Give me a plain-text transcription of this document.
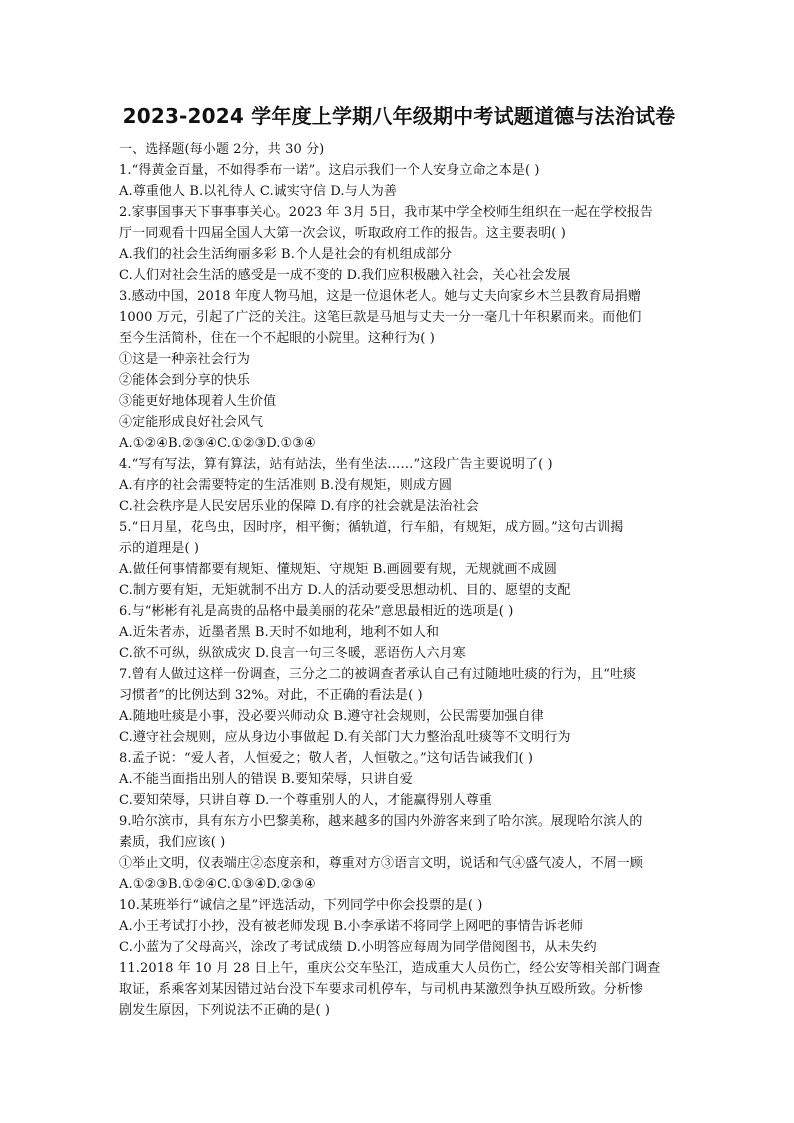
2023-2024 学年度上学期八年级期中考试题道德与法治试卷
一、选择题(每小题 2分，共 30 分)
1.“得黄金百量，不如得季布一诺”。这启示我们一个人安身立命之本是( )
A.尊重他人 B.以礼待人 C.诚实守信 D.与人为善
2.家事国事天下事事事关心。2023 年 3月 5日，我市某中学全校师生组织在一起在学校报告
厅一同观看十四届全国人大第一次会议，听取政府工作的报告。这主要表明( )
A.我们的社会生活绚丽多彩 B.个人是社会的有机组成部分
C.人们对社会生活的感受是一成不变的 D.我们应积极融入社会，关心社会发展
3.感动中国，2018 年度人物马旭，这是一位退休老人。她与丈夫向家乡木兰县教育局捐赠
1000 万元，引起了广泛的关注。这笔巨款是马旭与丈夫一分一毫几十年积累而来。而他们
至今生活简朴，住在一个不起眼的小院里。这种行为( )
①这是一种亲社会行为
②能体会到分享的快乐
③能更好地体现着人生价值
④定能形成良好社会风气
A.①②④B.②③④C.①②③D.①③④
4.“写有写法，算有算法，站有站法，坐有坐法……”这段广告主要说明了( )
A.有序的社会需要特定的生活准则 B.没有规矩，则成方圆
C.社会秩序是人民安居乐业的保障 D.有序的社会就是法治社会
5.“日月星，花鸟虫，因时序，相平衡；循轨道，行车船，有规矩，成方圆。”这句古训揭
示的道理是( )
A.做任何事情都要有规矩、懂规矩、守规矩 B.画圆要有规，无规就画不成圆
C.制方要有矩，无矩就制不出方 D.人的活动要受思想动机、目的、愿望的支配
6.与“彬彬有礼是高贵的品格中最美丽的花朵”意思最相近的选项是( )
A.近朱者赤，近墨者黑 B.天时不如地利，地利不如人和
C.欲不可纵，纵欲成灾 D.良言一句三冬暖，恶语伤人六月寒
7.曾有人做过这样一份调查，三分之二的被调查者承认自己有过随地吐痰的行为，且“吐痰
习惯者”的比例达到 32%。对此，不正确的看法是( )
A.随地吐痰是小事，没必要兴师动众 B.遵守社会规则，公民需要加强自律
C.遵守社会规则，应从身边小事做起 D.有关部门大力整治乱吐痰等不文明行为
8.孟子说：“爱人者，人恒爱之；敬人者，人恒敬之。”这句话告诫我们( )
A.不能当面指出别人的错误 B.要知荣辱，只讲自爱
C.要知荣辱，只讲自尊 D.一个尊重别人的人，才能赢得别人尊重
9.哈尔滨市，具有东方小巴黎美称，越来越多的国内外游客来到了哈尔滨。展现哈尔滨人的
素质，我们应该( )
①举止文明，仪表端庄②态度亲和，尊重对方③语言文明，说话和气④盛气凌人，不屑一顾
A.①②③B.①②④C.①③④D.②③④
10.某班举行“诚信之星”评选活动，下列同学中你会投票的是( )
A.小王考试打小抄，没有被老师发现 B.小李承诺不将同学上网吧的事情告诉老师
C.小蓝为了父母高兴，涂改了考试成绩 D.小明答应每周为同学借阅图书，从未失约
11.2018 年 10 月 28 日上午，重庆公交车坠江，造成重大人员伤亡，经公安等相关部门调查
取证，系乘客刘某因错过站台没下车要求司机停车，与司机冉某激烈争执互殴所致。分析惨
剧发生原因，下列说法不正确的是( )
